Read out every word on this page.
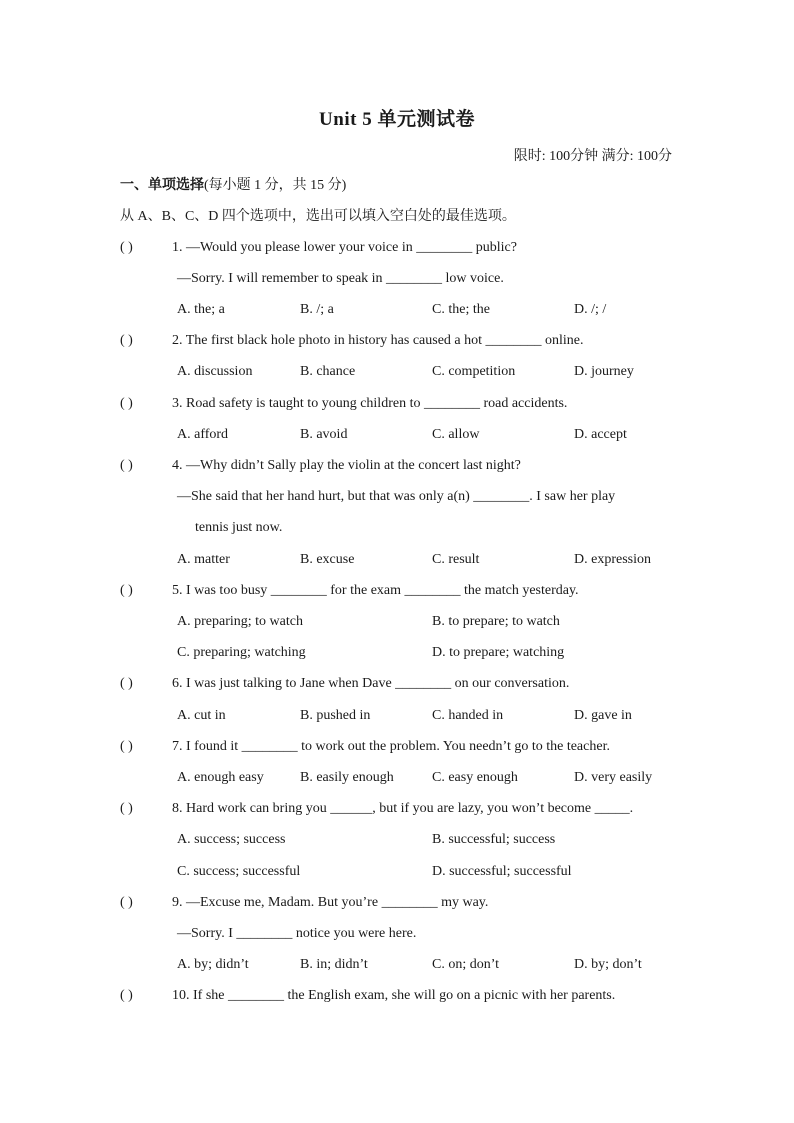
Unit 5 单元测试卷
限时: 100分钟 满分: 100分
一、单项选择(每小题 1 分，共 15 分)
从 A、B、C、D 四个选项中，选出可以填入空白处的最佳选项。
( )	1. —Would you please lower your voice in ________ public?
—Sorry. I will remember to speak in ________ low voice.
A. the; a	B. /; a	C. the; the	D. /; /
( )	2. The first black hole photo in history has caused a hot ________ online.
A. discussion	B. chance	C. competition	D. journey
( )	3. Road safety is taught to young children to ________ road accidents.
A. afford	B. avoid	C. allow	D. accept
( )	4. —Why didn’t Sally play the violin at the concert last night?
—She said that her hand hurt, but that was only a(n) ________. I saw her play
tennis just now.
A. matter	B. excuse	C. result	D. expression
( )	5. I was too busy ________ for the exam ________ the match yesterday.
A. preparing; to watch	B. to prepare; to watch
C. preparing; watching	D. to prepare; watching
( )	6. I was just talking to Jane when Dave ________ on our conversation.
A. cut in	B. pushed in	C. handed in	D. gave in
( )	7. I found it ________ to work out the problem. You needn’t go to the teacher.
A. enough easy	B. easily enough	C. easy enough	D. very easily
( )	8. Hard work can bring you ______, but if you are lazy, you won’t become _____.
A. success; success	B. successful; success
C. success; successful	D. successful; successful
( )	9. —Excuse me, Madam. But you’re ________ my way.
—Sorry. I ________ notice you were here.
A. by; didn’t	B. in; didn’t	C. on; don’t	D. by; don’t
( )	10. If she ________ the English exam, she will go on a picnic with her parents.
